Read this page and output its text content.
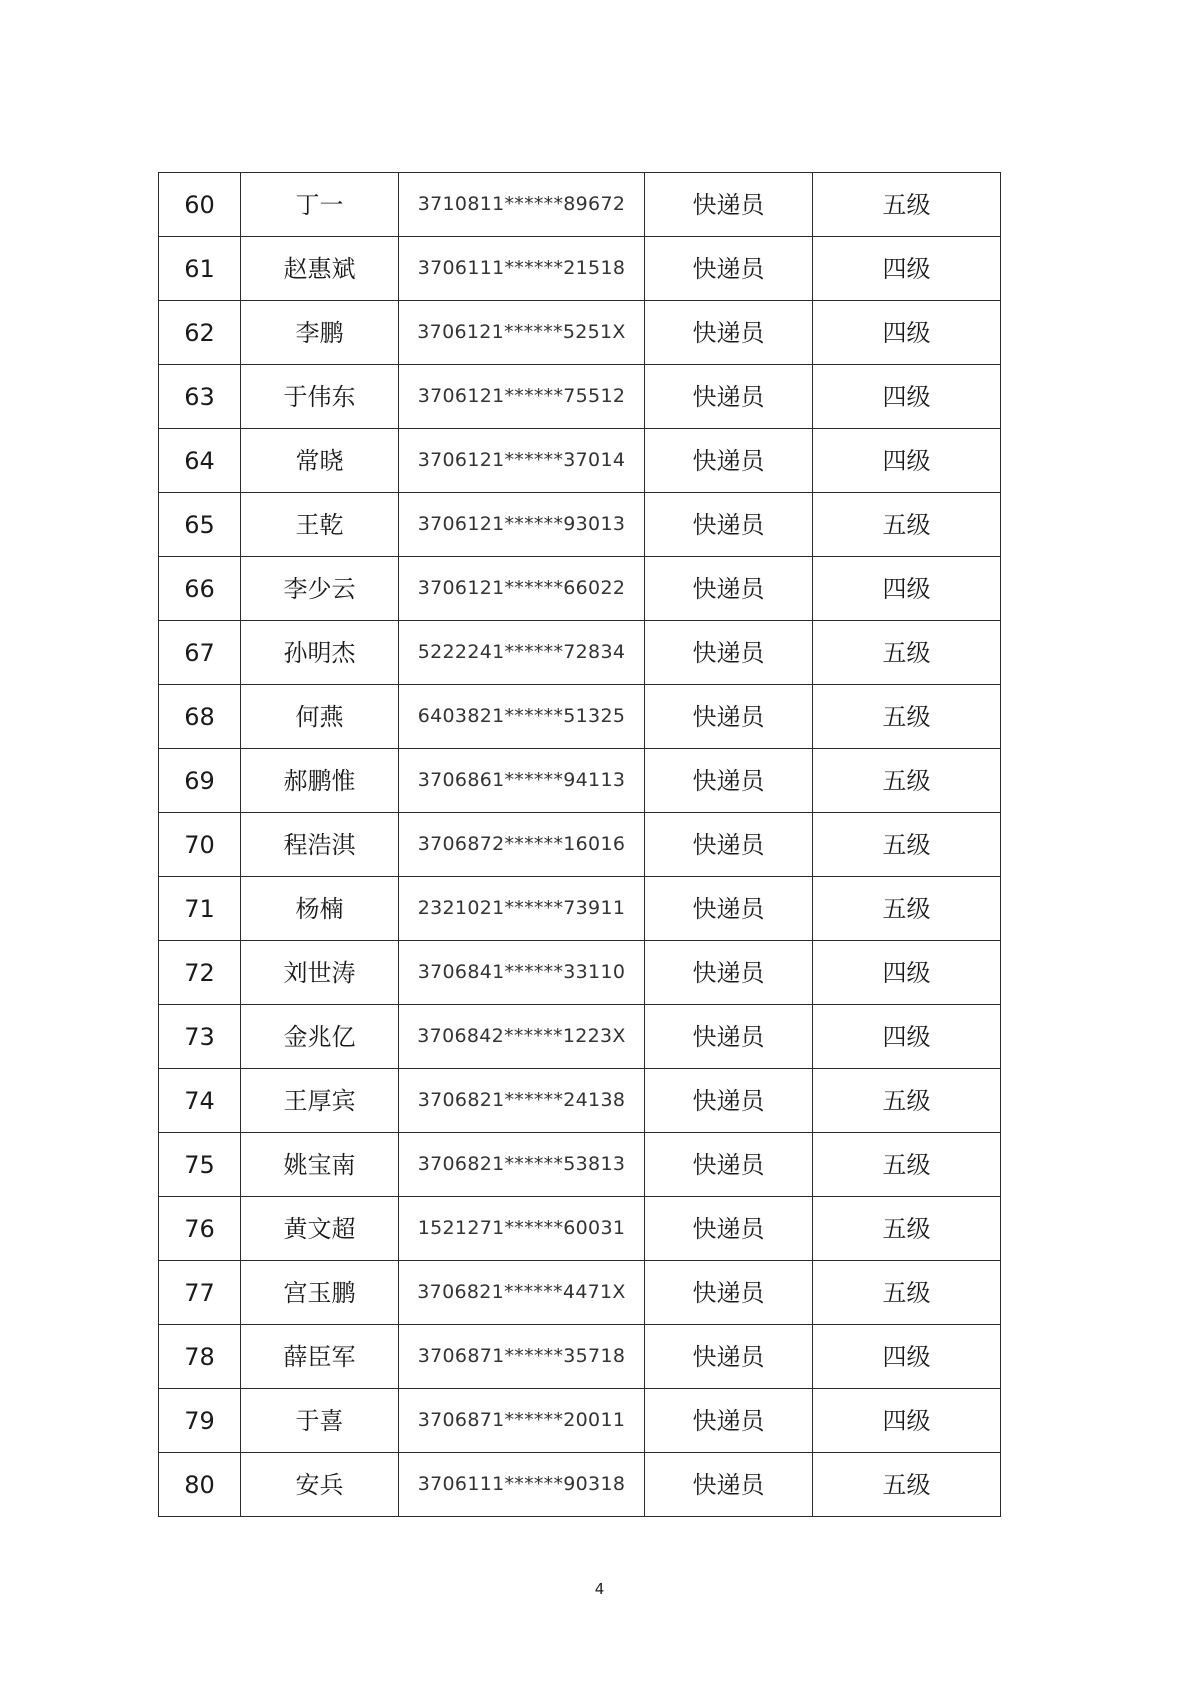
60	丁一	3710811******89672	快递员	五级
61	赵惠斌	3706111******21518	快递员	四级
62	李鹏	3706121******5251X	快递员	四级
63	于伟东	3706121******75512	快递员	四级
64	常晓	3706121******37014	快递员	四级
65	王乾	3706121******93013	快递员	五级
66	李少云	3706121******66022	快递员	四级
67	孙明杰	5222241******72834	快递员	五级
68	何燕	6403821******51325	快递员	五级
69	郝鹏惟	3706861******94113	快递员	五级
70	程浩淇	3706872******16016	快递员	五级
71	杨楠	2321021******73911	快递员	五级
72	刘世涛	3706841******33110	快递员	四级
73	金兆亿	3706842******1223X	快递员	四级
74	王厚宾	3706821******24138	快递员	五级
75	姚宝南	3706821******53813	快递员	五级
76	黄文超	1521271******60031	快递员	五级
77	宫玉鹏	3706821******4471X	快递员	五级
78	薛臣军	3706871******35718	快递员	四级
79	于喜	3706871******20011	快递员	四级
80	安兵	3706111******90318	快递员	五级
4
